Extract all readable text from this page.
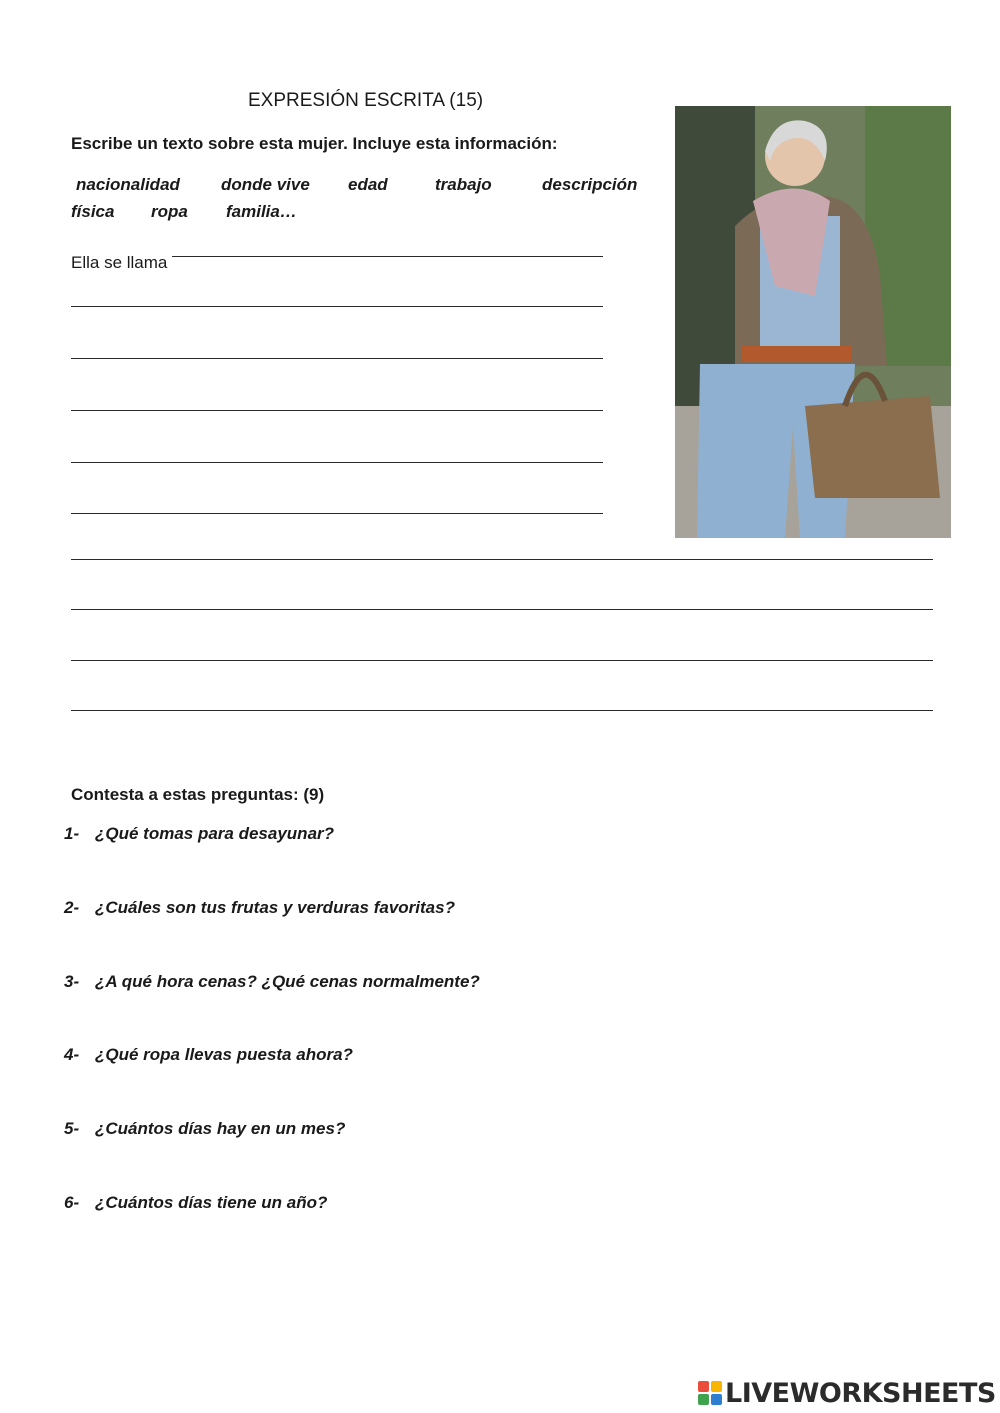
EXPRESIÓN ESCRITA (15)
Escribe un texto sobre esta mujer. Incluye esta información:
nacionalidad donde vive edad	trabajo	descripción
física ropa familia…
Ella se llama
Contesta a estas preguntas: (9)
1- ¿Qué tomas para desayunar?
2- ¿Cuáles son tus frutas y verduras favoritas?
3- ¿A qué hora cenas? ¿Qué cenas normalmente?
4- ¿Qué ropa llevas puesta ahora?
5- ¿Cuántos días hay en un mes?
6- ¿Cuántos días tiene un año?
LIVEWORKSHEETS
